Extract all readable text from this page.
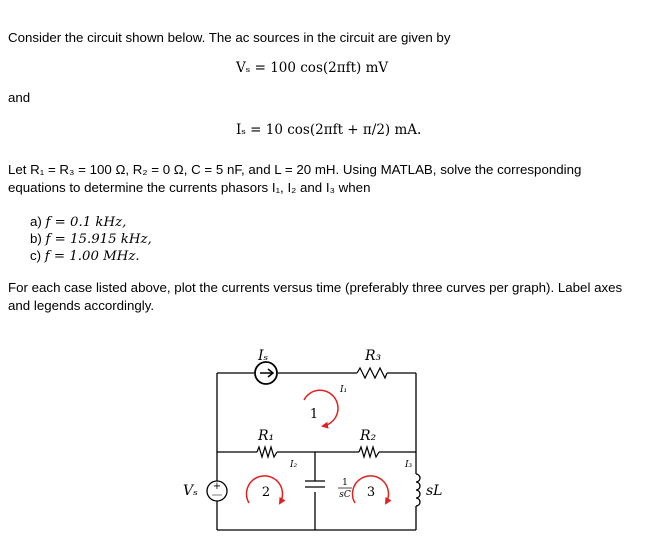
Consider the circuit shown below. The ac sources in the circuit are given by
Vₛ = 100 cos(2πft) mV
and
Iₛ = 10 cos(2πft + π/2) mA.
Let R₁ = R₃ = 100 Ω, R₂ = 0 Ω, C = 5 nF, and L = 20 mH. Using MATLAB, solve the corresponding
equations to determine the currents phasors I₁, I₂ and I₃ when
a) f = 0.1 kHz,
b) f = 15.915 kHz,
c) f = 1.00 MHz.
For each case listed above, plot the currents versus time (preferably three curves per graph). Label axes
and legends accordingly.
+
Iₛ	R₃
I₁
1
R₁	R₂
I₂	I₃
Vₛ	2
1
sC 3	sL
